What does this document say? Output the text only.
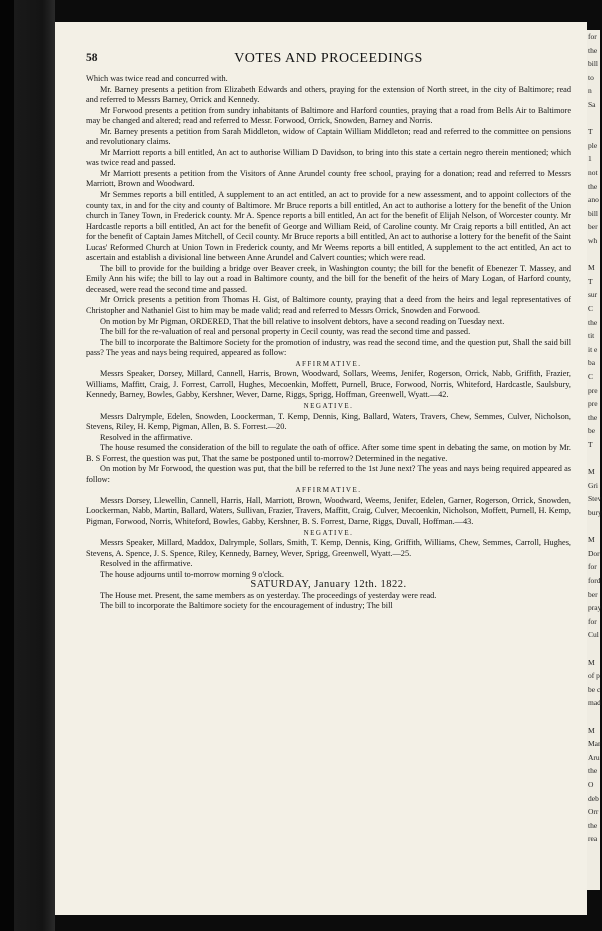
58	VOTES AND PROCEEDINGS

Which was twice read and concurred with.

Mr. Barney presents a petition from Elizabeth Edwards and others, praying for the extension of North street, in the city of Baltimore; read and referred to Messrs Barney, Orrick and Kennedy.

Mr Forwood presents a petition from sundry inhabitants of Baltimore and Harford counties, praying that a road from Bells Air to Baltimore may be changed and altered; read and referred to Messr. Forwood, Orrick, Snowden, Barney and Norris.

Mr. Barney presents a petition from Sarah Middleton, widow of Captain William Middleton; read and referred to the committee on pensions and revolutionary claims.

Mr Marriott reports a bill entitled, An act to authorise William D Davidson, to bring into this state a certain negro therein mentioned; which was twice read and passed.

Mr Marriott presents a petition from the Visitors of Anne Arundel county free school, praying for a donation; read and referred to Messrs Marriott, Brown and Woodward.

Mr Semmes reports a bill entitled, A supplement to an act entitled, an act to provide for a new assessment, and to appoint collectors of the county tax, in and for the city and county of Baltimore. Mr Bruce reports a bill entitled, An act to authorise a lottery for the benefit of the Union church in Taney Town, in Frederick county. Mr A. Spence reports a bill entitled, An act for the benefit of Elijah Nelson, of Worcester county. Mr Hardcastle reports a bill entitled, An act for the benefit of George and William Reid, of Caroline county. Mr Craig reports a bill entitled, An act for the benefit of Captain James Mitchell, of Cecil county. Mr Bruce reports a bill entitled, An act to authorise a lottery for the benefit of the Saint Lucas' Reformed Church at Union Town in Frederick county, and Mr Weems reports a bill entitled, A supplement to the act entitled, An act to ascertain and establish a divisional line between Anne Arundel and Calvert counties; which were read.

The bill to provide for the building a bridge over Beaver creek, in Washington county; the bill for the benefit of Ebenezer T. Massey, and Emily Ann his wife; the bill to lay out a road in Baltimore county, and the bill for the benefit of the heirs of Mary Logan, of Harford county, deceased, were read the second time and passed.

Mr Orrick presents a petition from Thomas H. Gist, of Baltimore county, praying that a deed from the heirs and legal representatives of Christopher and Nathaniel Gist to him may be made valid; read and referred to Messrs Orrick, Snowden and Forwood.

On motion by Mr Pigman, ORDERED, That the bill relative to insolvent debtors, have a second reading on Tuesday next.

The bill for the re-valuation of real and personal property in Cecil county, was read the second time and passed.

The bill to incorporate the Baltimore Society for the promotion of industry, was read the second time, and the question put, Shall the said bill pass? The yeas and nays being required, appeared as follow:

AFFIRMATIVE.

Messrs Speaker, Dorsey, Millard, Cannell, Harris, Brown, Woodward, Sollars, Weems, Jenifer, Rogerson, Orrick, Nabb, Griffith, Frazier, Williams, Maffitt, Craig, J. Forrest, Carroll, Hughes, Mecoenkin, Moffett, Purnell, Bruce, Forwood, Norris, Whiteford, Hardcastle, Saulsbury, Kennedy, Barney, Bowles, Gabby, Kershner, Wever, Darne, Riggs, Sprigg, Hoffman, Greenwell, Wyatt.—42.

NEGATIVE.

Messrs Dalrymple, Edelen, Snowden, Loockerman, T. Kemp, Dennis, King, Ballard, Waters, Travers, Chew, Semmes, Culver, Nicholson, Stevens, Riley, H. Kemp, Pigman, Allen, B. S. Forrest.—20.

Resolved in the affirmative.

The house resumed the consideration of the bill to regulate the oath of office. After some time spent in debating the same, on motion by Mr. B. S Forrest, the question was put, That the same be postponed until to-morrow? Determined in the negative.

On motion by Mr Forwood, the question was put, that the bill be referred to the 1st June next? The yeas and nays being required appeared as follow:

AFFIRMATIVE.

Messrs Dorsey, Llewellin, Cannell, Harris, Hall, Marriott, Brown, Woodward, Weems, Jenifer, Edelen, Garner, Rogerson, Orrick, Snowden, Loockerman, Nabb, Martin, Ballard, Waters, Sullivan, Frazier, Travers, Maffitt, Craig, Culver, Mecoenkin, Nicholson, Moffett, Purnell, H. Kemp, Pigman, Forwood, Norris, Whiteford, Bowles, Gabby, Kershner, B. S. Forrest, Darne, Riggs, Duvall, Hoffman.—43.

NEGATIVE.

Messrs Speaker, Millard, Maddox, Dalrymple, Sollars, Smith, T. Kemp, Dennis, King, Griffith, Williams, Chew, Semmes, Carroll, Hughes, Stevens, A. Spence, J. S. Spence, Riley, Kennedy, Barney, Wever, Sprigg, Greenwell, Wyatt.—25.

Resolved in the affirmative.

The house adjourns until to-morrow morning 9 o'clock.

SATURDAY, January 12th. 1822.

The House met. Present, the same members as on yesterday. The proceedings of yesterday were read.

The bill to incorporate the Baltimore society for the encouragement of industry; The bill

for
the
bill
to
n
Sa
T
ple
1
not
the
ano
bill
ber
wh
M
T
sur
C
the
tit
it e
ba
C
pre
pre
the
be
T
M
Gri
Stev
bury
M
Dor
for
ford
ber
pray
for
Cul
M
of p
be c
mad
M
Mar
Aru
the
O
deb
Orr
the
rea
